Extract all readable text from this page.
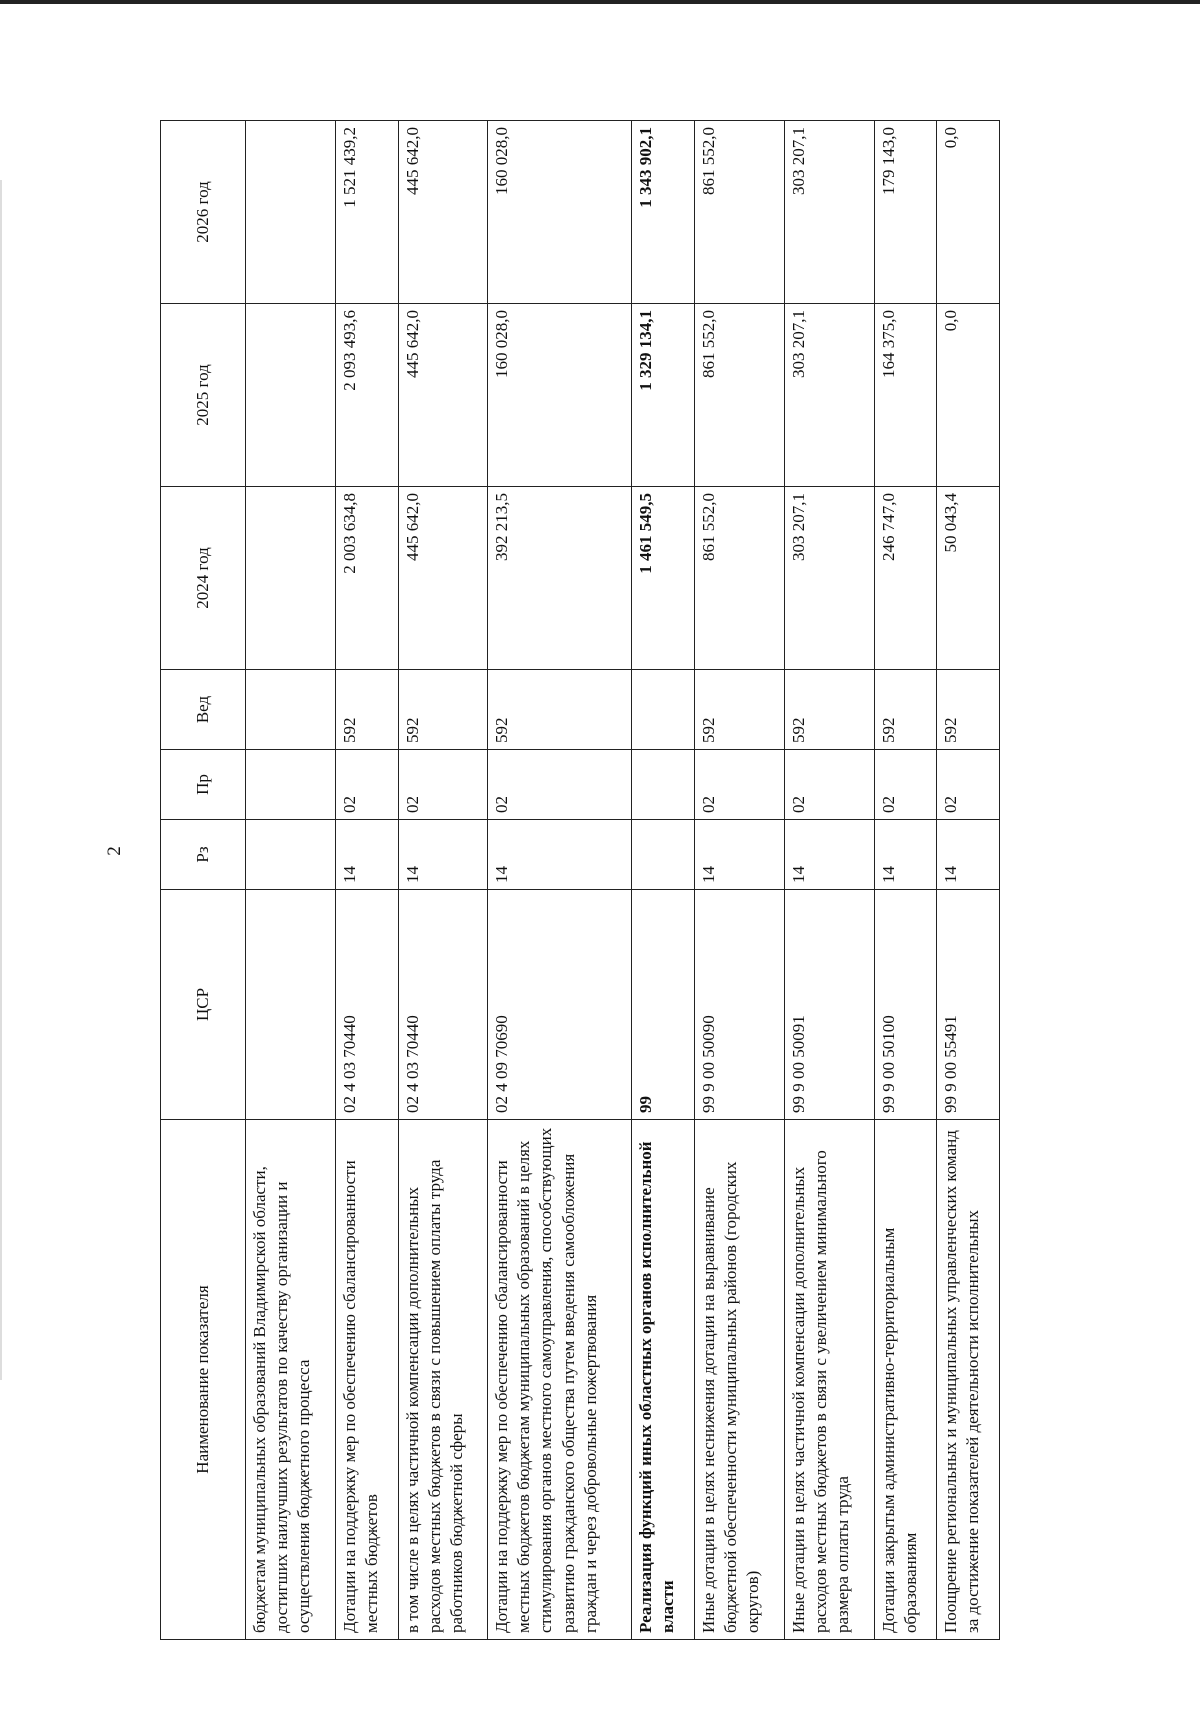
2
Наименование показателя	ЦСР	Рз	Пр	Вед	2024 год	2025 год	2026 год
бюджетам муниципальных образований Владимирской области, достигших наилучших результатов по качеству организации и осуществления бюджетного процесса							
Дотации на поддержку мер по обеспечению сбалансированности местных бюджетов	02 4 03 70440	14	02	592	2 003 634,8	2 093 493,6	1 521 439,2
в том числе в целях частичной компенсации дополнительных расходов местных бюджетов в связи с повышением оплаты труда работников бюджетной сферы	02 4 03 70440	14	02	592	445 642,0	445 642,0	445 642,0
Дотации на поддержку мер по обеспечению сбалансированности местных бюджетов бюджетам муниципальных образований в целях стимулирования органов местного самоуправления, способствующих развитию гражданского общества путем введения самообложения граждан и через добровольные пожертвования	02 4 09 70690	14	02	592	392 213,5	160 028,0	160 028,0
Реализация функций иных областных органов исполнительной власти	99				1 461 549,5	1 329 134,1	1 343 902,1
Иные дотации в целях неснижения дотации на выравнивание бюджетной обеспеченности муниципальных районов (городских округов)	99 9 00 50090	14	02	592	861 552,0	861 552,0	861 552,0
Иные дотации в целях частичной компенсации дополнительных расходов местных бюджетов в связи с увеличением минимального размера оплаты труда	99 9 00 50091	14	02	592	303 207,1	303 207,1	303 207,1
Дотации закрытым административно-территориальным образованиям	99 9 00 50100	14	02	592	246 747,0	164 375,0	179 143,0
Поощрение региональных и муниципальных управленческих команд за достижение показателей деятельности исполнительных	99 9 00 55491	14	02	592	50 043,4	0,0	0,0
